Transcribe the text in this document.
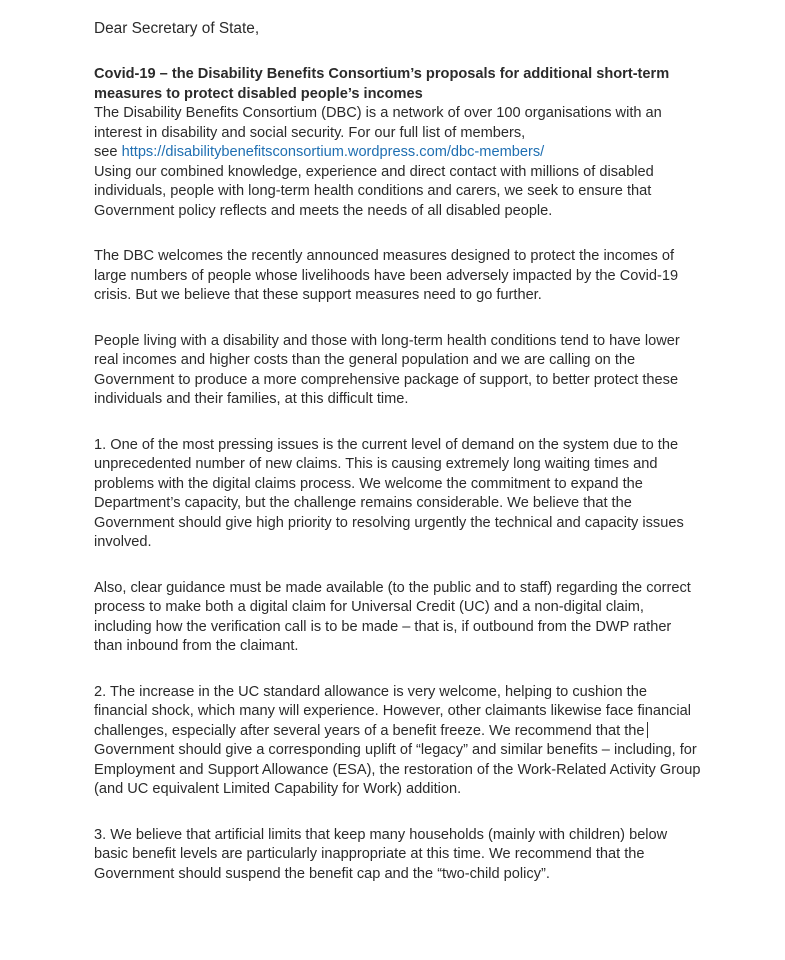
Dear Secretary of State,

Covid-19 – the Disability Benefits Consortium’s proposals for additional short-term measures to protect disabled people’s incomes

The Disability Benefits Consortium (DBC) is a network of over 100 organisations with an interest in disability and social security. For our full list of members,
see https://disabilitybenefitsconsortium.wordpress.com/dbc-members/

Using our combined knowledge, experience and direct contact with millions of disabled individuals, people with long-term health conditions and carers, we seek to ensure that Government policy reflects and meets the needs of all disabled people.

The DBC welcomes the recently announced measures designed to protect the incomes of large numbers of people whose livelihoods have been adversely impacted by the Covid-19 crisis. But we believe that these support measures need to go further.

People living with a disability and those with long-term health conditions tend to have lower real incomes and higher costs than the general population and we are calling on the Government to produce a more comprehensive package of support, to better protect these individuals and their families, at this difficult time.

1. One of the most pressing issues is the current level of demand on the system due to the unprecedented number of new claims. This is causing extremely long waiting times and problems with the digital claims process. We welcome the commitment to expand the Department’s capacity, but the challenge remains considerable. We believe that the Government should give high priority to resolving urgently the technical and capacity issues involved.

Also, clear guidance must be made available (to the public and to staff) regarding the correct process to make both a digital claim for Universal Credit (UC) and a non-digital claim, including how the verification call is to be made – that is, if outbound from the DWP rather than inbound from the claimant.

2. The increase in the UC standard allowance is very welcome, helping to cushion the financial shock, which many will experience. However, other claimants likewise face financial challenges, especially after several years of a benefit freeze. We recommend that the Government should give a corresponding uplift of “legacy” and similar benefits – including, for Employment and Support Allowance (ESA), the restoration of the Work-Related Activity Group (and UC equivalent Limited Capability for Work) addition.

3. We believe that artificial limits that keep many households (mainly with children) below basic benefit levels are particularly inappropriate at this time. We recommend that the Government should suspend the benefit cap and the “two-child policy”.
